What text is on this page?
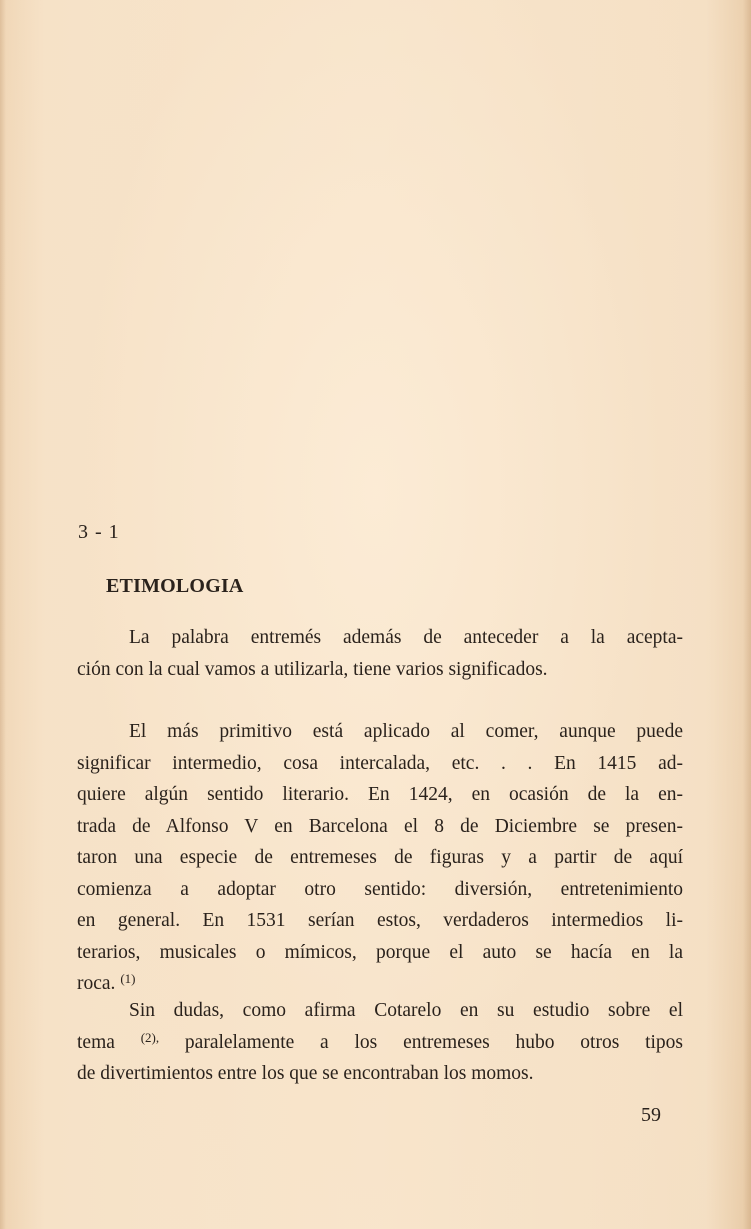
3 - 1

ETIMOLOGIA

La palabra entremés además de anteceder a la acepta-
ción con la cual vamos a utilizarla, tiene varios significados.

El más primitivo está aplicado al comer, aunque puede
significar intermedio, cosa intercalada, etc. . . En 1415 ad-
quiere algún sentido literario. En 1424, en ocasión de la en-
trada de Alfonso V en Barcelona el 8 de Diciembre se presen-
taron una especie de entremeses de figuras y a partir de aquí
comienza a adoptar otro sentido: diversión, entretenimiento
en general. En 1531 serían estos, verdaderos intermedios li-
terarios, musicales o mímicos, porque el auto se hacía en la
roca. $^{(1)}$

Sin dudas, como afirma Cotarelo en su estudio sobre el
tema $^{(2),}$ paralelamente a los entremeses hubo otros tipos
de divertimientos entre los que se encontraban los momos.

59
